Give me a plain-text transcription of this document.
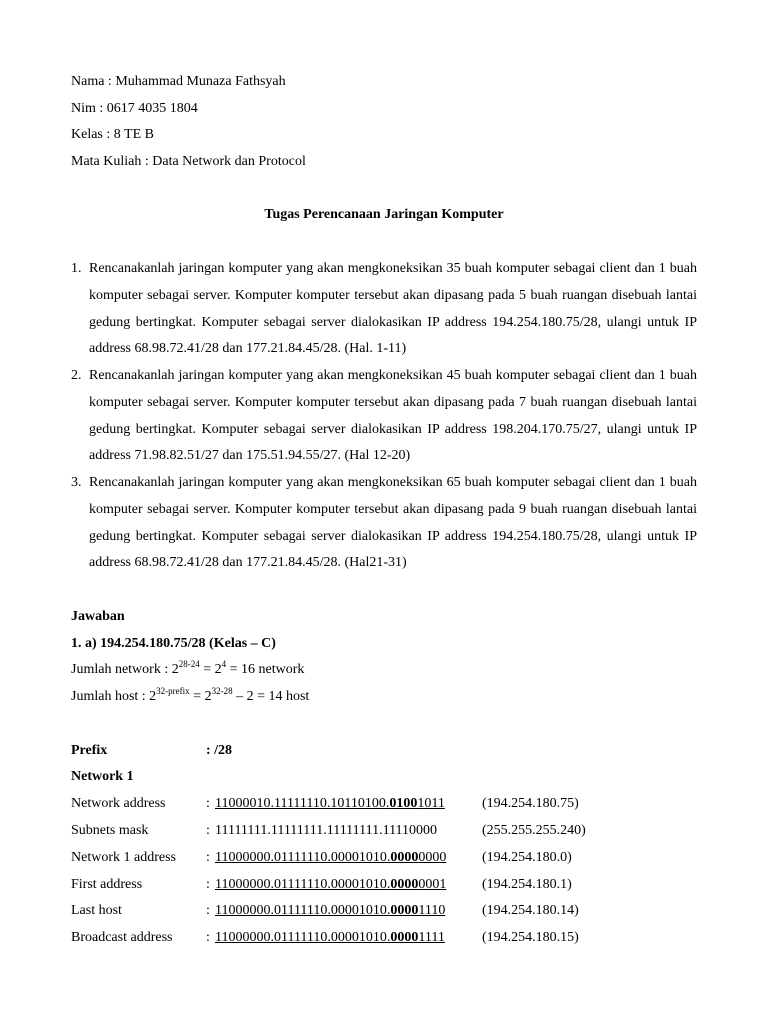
Nama : Muhammad Munaza Fathsyah
Nim : 0617 4035 1804
Kelas : 8 TE B
Mata Kuliah : Data Network dan Protocol
Tugas Perencanaan Jaringan Komputer
1. Rencanakanlah jaringan komputer yang akan mengkoneksikan 35 buah komputer sebagai client dan 1 buah komputer sebagai server. Komputer komputer tersebut akan dipasang pada 5 buah ruangan disebuah lantai gedung bertingkat. Komputer sebagai server dialokasikan IP address 194.254.180.75/28, ulangi untuk IP address 68.98.72.41/28 dan 177.21.84.45/28. (Hal. 1-11)
2. Rencanakanlah jaringan komputer yang akan mengkoneksikan 45 buah komputer sebagai client dan 1 buah komputer sebagai server. Komputer komputer tersebut akan dipasang pada 7 buah ruangan disebuah lantai gedung bertingkat. Komputer sebagai server dialokasikan IP address 198.204.170.75/27, ulangi untuk IP address 71.98.82.51/27 dan 175.51.94.55/27. (Hal 12-20)
3. Rencanakanlah jaringan komputer yang akan mengkoneksikan 65 buah komputer sebagai client dan 1 buah komputer sebagai server. Komputer komputer tersebut akan dipasang pada 9 buah ruangan disebuah lantai gedung bertingkat. Komputer sebagai server dialokasikan IP address 194.254.180.75/28, ulangi untuk IP address 68.98.72.41/28 dan 177.21.84.45/28. (Hal21-31)
Jawaban
1. a) 194.254.180.75/28 (Kelas – C)
Jumlah network : $2^{28-24} = 2^4 = 16$ network
Jumlah host : $2^{32-prefix} = 2^{32-28} - 2 = 14$ host
Prefix	: /28
Network 1
Network address	: 11000010.11111110.10110100.01001011	(194.254.180.75)
Subnets mask	: 11111111.11111111.11111111.11110000	(255.255.255.240)
Network 1 address : 11000000.01111110.00001010.00000000	(194.254.180.0)
First address	: 11000000.01111110.00001010.00000001	(194.254.180.1)
Last host	: 11000000.01111110.00001010.00001110	(194.254.180.14)
Broadcast address : 11000000.01111110.00001010.00001111	(194.254.180.15)
